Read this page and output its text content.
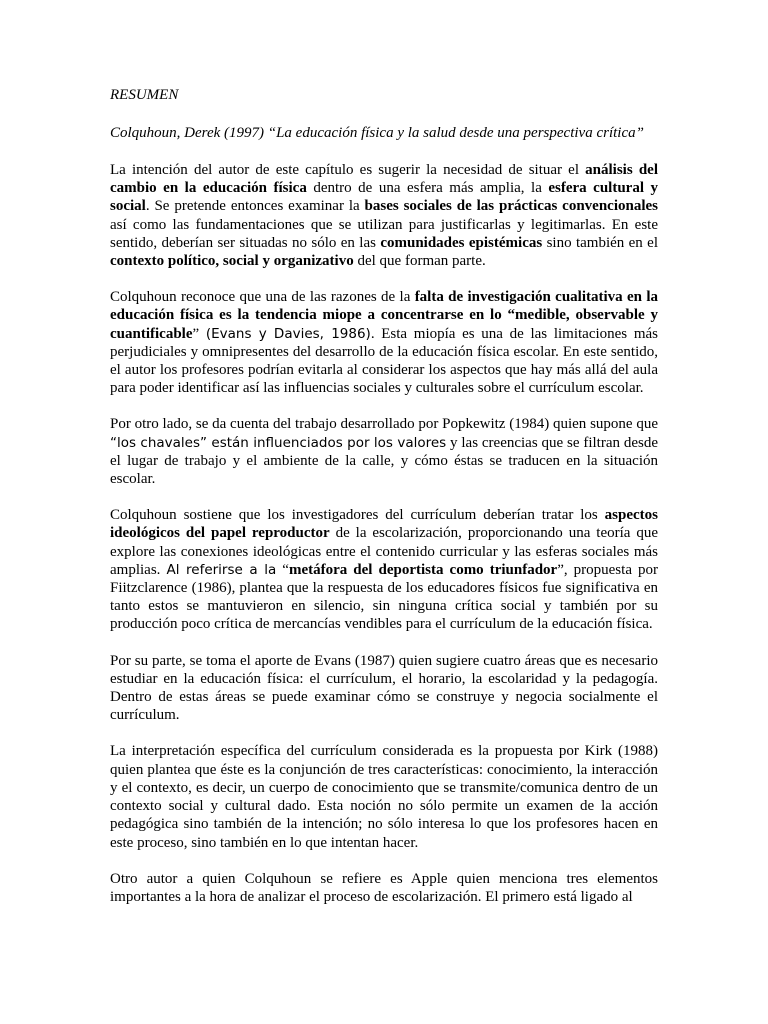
RESUMEN

Colquhoun, Derek (1997) “La educación física y la salud desde una perspectiva crítica”

La intención del autor de este capítulo es sugerir la necesidad de situar el análisis del cambio en la educación física dentro de una esfera más amplia, la esfera cultural y social. Se pretende entonces examinar la bases sociales de las prácticas convencionales así como las fundamentaciones que se utilizan para justificarlas y legitimarlas. En este sentido, deberían ser situadas no sólo en las comunidades epistémicas sino también en el contexto político, social y organizativo del que forman parte.

Colquhoun reconoce que una de las razones de la falta de investigación cualitativa en la educación física es la tendencia miope a concentrarse en lo “medible, observable y cuantificable” (Evans y Davies, 1986). Esta miopía es una de las limitaciones más perjudiciales y omnipresentes del desarrollo de la educación física escolar. En este sentido, el autor los profesores podrían evitarla al considerar los aspectos que hay más allá del aula para poder identificar así las influencias sociales y culturales sobre el currículum escolar.

Por otro lado, se da cuenta del trabajo desarrollado por Popkewitz (1984) quien supone que “los chavales” están influenciados por los valores y las creencias que se filtran desde el lugar de trabajo y el ambiente de la calle, y cómo éstas se traducen en la situación escolar.

Colquhoun sostiene que los investigadores del currículum deberían tratar los aspectos ideológicos del papel reproductor de la escolarización, proporcionando una teoría que explore las conexiones ideológicas entre el contenido curricular y las esferas sociales más amplias. Al referirse a la “metáfora del deportista como triunfador”, propuesta por Fiitzclarence (1986), plantea que la respuesta de los educadores físicos fue significativa en tanto estos se mantuvieron en silencio, sin ninguna crítica social y también por su producción poco crítica de mercancías vendibles para el currículum de la educación física.

Por su parte, se toma el aporte de Evans (1987) quien sugiere cuatro áreas que es necesario estudiar en la educación física: el currículum, el horario, la escolaridad y la pedagogía. Dentro de estas áreas se puede examinar cómo se construye y negocia socialmente el currículum.

La interpretación específica del currículum considerada es la propuesta por Kirk (1988) quien plantea que éste es la conjunción de tres características: conocimiento, la interacción y el contexto, es decir, un cuerpo de conocimiento que se transmite/comunica dentro de un contexto social y cultural dado. Esta noción no sólo permite un examen de la acción pedagógica sino también de la intención; no sólo interesa lo que los profesores hacen en este proceso, sino también en lo que intentan hacer.

Otro autor a quien Colquhoun se refiere es Apple quien menciona tres elementos importantes a la hora de analizar el proceso de escolarización. El primero está ligado al
